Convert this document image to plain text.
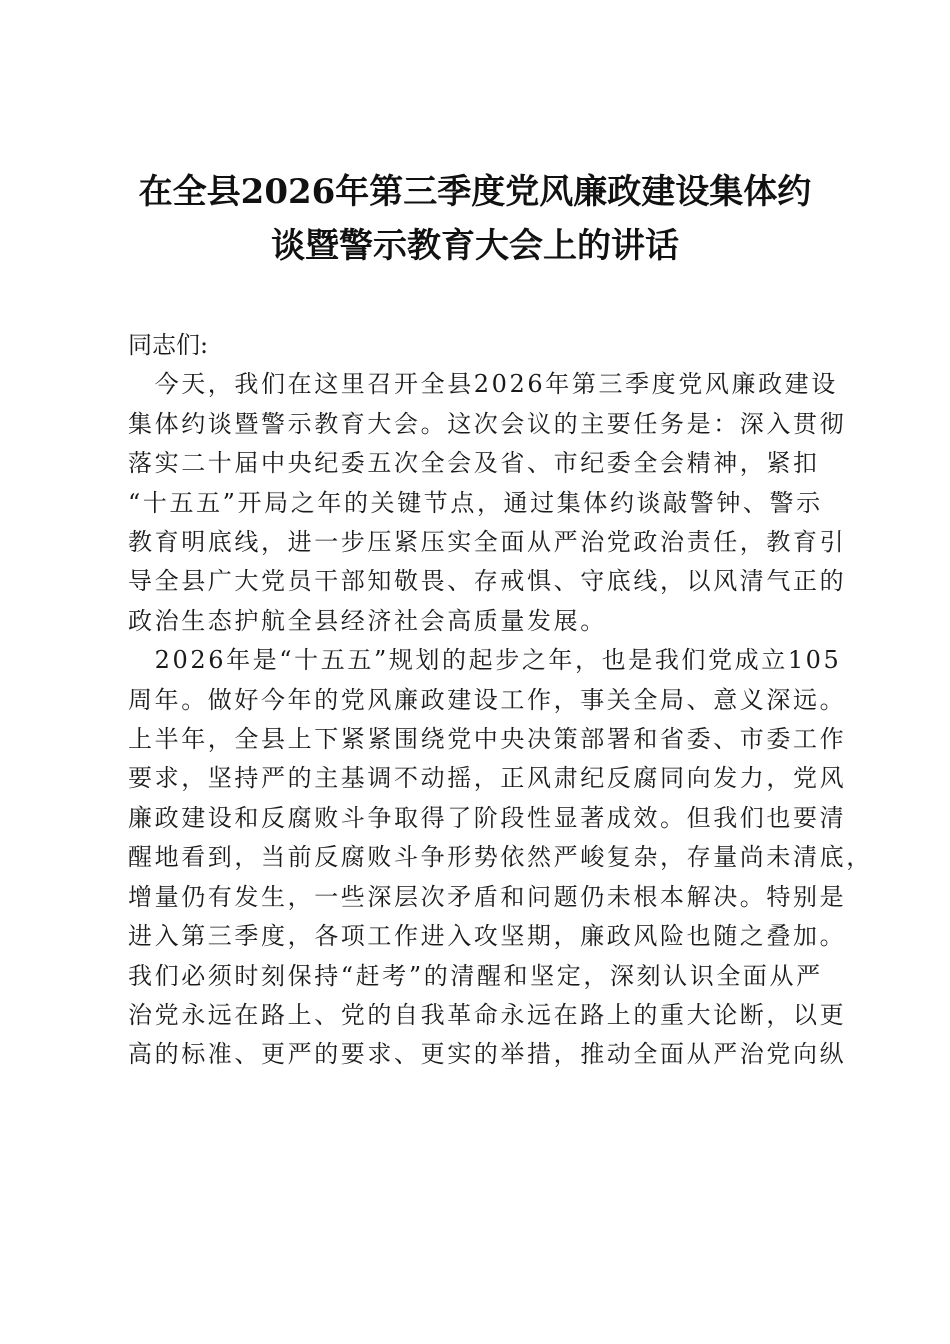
在全县2026年第三季度党风廉政建设集体约
谈暨警示教育大会上的讲话

同志们:

　今天，我们在这里召开全县2026年第三季度党风廉政建设
集体约谈暨警示教育大会。这次会议的主要任务是：深入贯彻
落实二十届中央纪委五次全会及省、市纪委全会精神，紧扣
“十五五”开局之年的关键节点，通过集体约谈敲警钟、警示
教育明底线，进一步压紧压实全面从严治党政治责任，教育引
导全县广大党员干部知敬畏、存戒惧、守底线，以风清气正的
政治生态护航全县经济社会高质量发展。

　2026年是“十五五”规划的起步之年，也是我们党成立105
周年。做好今年的党风廉政建设工作，事关全局、意义深远。
上半年，全县上下紧紧围绕党中央决策部署和省委、市委工作
要求，坚持严的主基调不动摇，正风肃纪反腐同向发力，党风
廉政建设和反腐败斗争取得了阶段性显著成效。但我们也要清
醒地看到，当前反腐败斗争形势依然严峻复杂，存量尚未清底，
增量仍有发生，一些深层次矛盾和问题仍未根本解决。特别是
进入第三季度，各项工作进入攻坚期，廉政风险也随之叠加。
我们必须时刻保持“赶考”的清醒和坚定，深刻认识全面从严
治党永远在路上、党的自我革命永远在路上的重大论断，以更
高的标准、更严的要求、更实的举措，推动全面从严治党向纵
